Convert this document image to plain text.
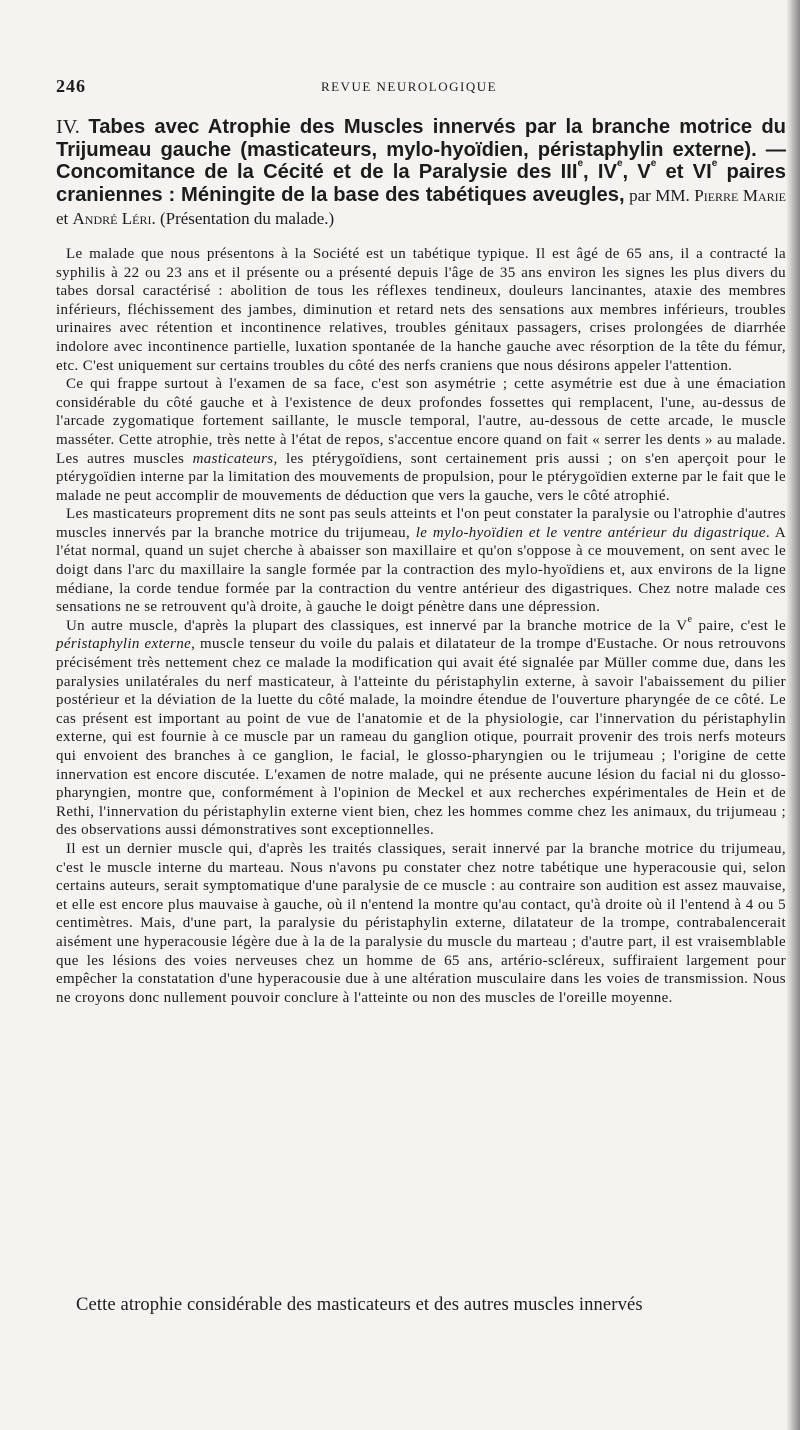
246	REVUE NEUROLOGIQUE
IV. Tabes avec Atrophie des Muscles innervés par la branche motrice du Trijumeau gauche (masticateurs, mylo-hyoïdien, péristaphylin externe). — Concomitance de la Cécité et de la Paralysie des IIIe, IVe, Ve et VIe paires craniennes : Méningite de la base des tabétiques aveugles, par MM. Pierre Marie et André Léri. (Présentation du malade.)

Le malade que nous présentons à la Société est un tabétique typique. Il est âgé de 65 ans, il a contracté la syphilis à 22 ou 23 ans et il présente ou a présenté depuis l'âge de 35 ans environ les signes les plus divers du tabes dorsal caractérisé : abolition de tous les réflexes tendineux, douleurs lancinantes, ataxie des membres inférieurs, fléchissement des jambes, diminution et retard nets des sensations aux membres inférieurs, troubles urinaires avec rétention et incontinence relatives, troubles génitaux passagers, crises prolongées de diarrhée indolore avec incontinence partielle, luxation spontanée de la hanche gauche avec résorption de la tête du fémur, etc. C'est uniquement sur certains troubles du côté des nerfs craniens que nous désirons appeler l'attention.

Ce qui frappe surtout à l'examen de sa face, c'est son asymétrie ; cette asymétrie est due à une émaciation considérable du côté gauche et à l'existence de deux profondes fossettes qui remplacent, l'une, au-dessus de l'arcade zygomatique fortement saillante, le muscle temporal, l'autre, au-dessous de cette arcade, le muscle masséter. Cette atrophie, très nette à l'état de repos, s'accentue encore quand on fait « serrer les dents » au malade. Les autres muscles masticateurs, les ptérygoïdiens, sont certainement pris aussi ; on s'en aperçoit pour le ptérygoïdien interne par la limitation des mouvements de propulsion, pour le ptérygoïdien externe par le fait que le malade ne peut accomplir de mouvements de déduction que vers la gauche, vers le côté atrophié.

Les masticateurs proprement dits ne sont pas seuls atteints et l'on peut constater la paralysie ou l'atrophie d'autres muscles innervés par la branche motrice du trijumeau, le mylo-hyoïdien et le ventre antérieur du digastrique. A l'état normal, quand un sujet cherche à abaisser son maxillaire et qu'on s'oppose à ce mouvement, on sent avec le doigt dans l'arc du maxillaire la sangle formée par la contraction des mylo-hyoïdiens et, aux environs de la ligne médiane, la corde tendue formée par la contraction du ventre antérieur des digastriques. Chez notre malade ces sensations ne se retrouvent qu'à droite, à gauche le doigt pénètre dans une dépression.

Un autre muscle, d'après la plupart des classiques, est innervé par la branche motrice de la Ve paire, c'est le péristaphylin externe, muscle tenseur du voile du palais et dilatateur de la trompe d'Eustache. Or nous retrouvons précisément très nettement chez ce malade la modification qui avait été signalée par Müller comme due, dans les paralysies unilatérales du nerf masticateur, à l'atteinte du péristaphylin externe, à savoir l'abaissement du pilier postérieur et la déviation de la luette du côté malade, la moindre étendue de l'ouverture pharyngée de ce côté. Le cas présent est important au point de vue de l'anatomie et de la physiologie, car l'innervation du péristaphylin externe, qui est fournie à ce muscle par un rameau du ganglion otique, pourrait provenir des trois nerfs moteurs qui envoient des branches à ce ganglion, le facial, le glosso-pharyngien ou le trijumeau ; l'origine de cette innervation est encore discutée. L'examen de notre malade, qui ne présente aucune lésion du facial ni du glosso-pharyngien, montre que, conformément à l'opinion de Meckel et aux recherches expérimentales de Hein et de Rethi, l'innervation du péristaphylin externe vient bien, chez les hommes comme chez les animaux, du trijumeau ; des observations aussi démonstratives sont exceptionnelles.

Il est un dernier muscle qui, d'après les traités classiques, serait innervé par la branche motrice du trijumeau, c'est le muscle interne du marteau. Nous n'avons pu constater chez notre tabétique une hyperacousie qui, selon certains auteurs, serait symptomatique d'une paralysie de ce muscle : au contraire son audition est assez mauvaise, et elle est encore plus mauvaise à gauche, où il n'entend la montre qu'au contact, qu'à droite où il l'entend à 4 ou 5 centimètres. Mais, d'une part, la paralysie du péristaphylin externe, dilatateur de la trompe, contrabalencerait aisément une hyperacousie légère due à la de la paralysie du muscle du marteau ; d'autre part, il est vraisemblable que les lésions des voies nerveuses chez un homme de 65 ans, artério-scléreux, suffiraient largement pour empêcher la constatation d'une hyperacousie due à une altération musculaire dans les voies de transmission. Nous ne croyons donc nullement pouvoir conclure à l'atteinte ou non des muscles de l'oreille moyenne.

Cette atrophie considérable des masticateurs et des autres muscles innervés
